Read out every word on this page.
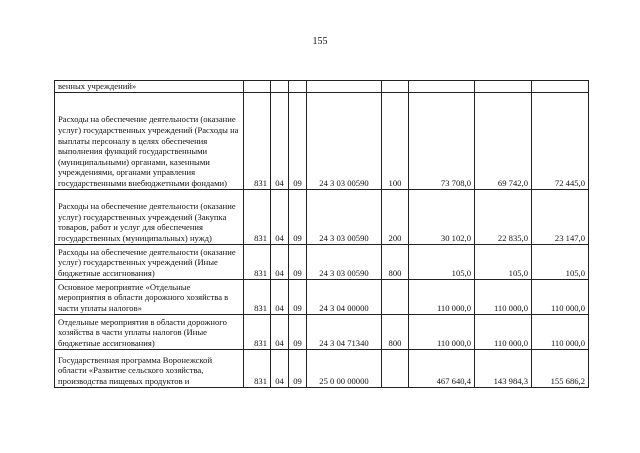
155
венных учреждений»								
Расходы на обеспечение деятельности (оказание услуг) государственных учреждений (Расходы на выплаты персоналу в целях обеспечения выполнения функций государственными (муниципальными) органами, казенными учреждениями, органами управления государственными внебюджетными фондами)	831	04	09	24 3 03 00590	100	73 708,0	69 742,0	72 445,0
Расходы на обеспечение деятельности (оказание услуг) государственных учреждений (Закупка товаров, работ и услуг для обеспечения государственных (муниципальных) нужд)	831	04	09	24 3 03 00590	200	30 102,0	22 835,0	23 147,0
Расходы на обеспечение деятельности (оказание услуг) государственных учреждений (Иные бюджетные ассигнования)	831	04	09	24 3 03 00590	800	105,0	105,0	105,0
Основное мероприятие «Отдельные мероприятия в области дорожного хозяйства в части уплаты налогов»	831	04	09	24 3 04 00000		110 000,0	110 000,0	110 000,0
Отдельные мероприятия в области дорожного хозяйства в части уплаты налогов (Иные бюджетные ассигнования)	831	04	09	24 3 04 71340	800	110 000,0	110 000,0	110 000,0
Государственная программа Воронежской области «Развитие сельского хозяйства, производства пищевых продуктов и	831	04	09	25 0 00 00000		467 640,4	143 984,3	155 686,2
